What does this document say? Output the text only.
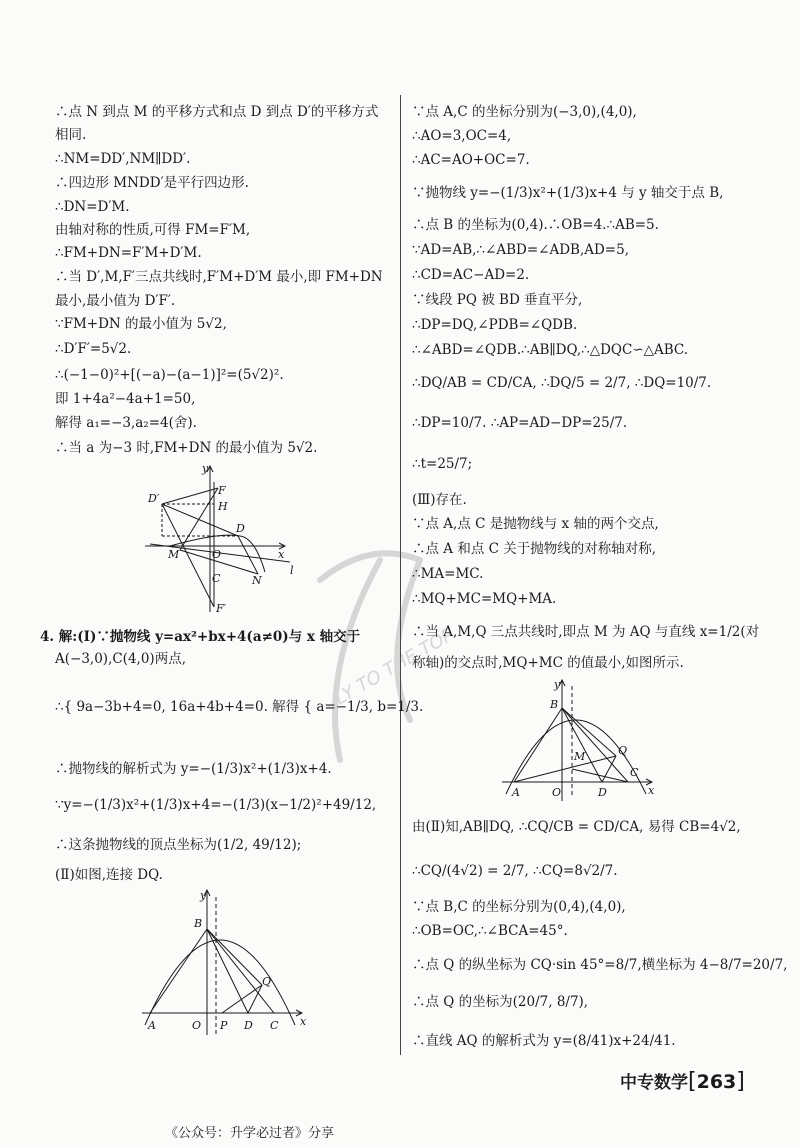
∴点 N 到点 M 的平移方式和点 D 到点 D′的平移方式
相同.
∴NM=DD′,NM∥DD′.
∴四边形 MNDD′是平行四边形.
∴DN=D′M.
由轴对称的性质,可得 FM=F′M,
∴FM+DN=F′M+D′M.
∴当 D′,M,F′三点共线时,F′M+D′M 最小,即 FM+DN
最小,最小值为 D′F′.
∵FM+DN 的最小值为 5√2,
∴D′F′=5√2.
∴(−1−0)²+[(−a)−(a−1)]²=(5√2)².
即 1+4a²−4a+1=50,
解得 a₁=−3,a₂=4(舍).
∴当 a 为−3 时,FM+DN 的最小值为 5√2.
y
F
H
D′
D
M	O	x
C	N
l
F′
4. 解:(Ⅰ)∵抛物线 y=ax²+bx+4(a≠0)与 x 轴交于
A(−3,0),C(4,0)两点,
∴{ 9a−3b+4=0, 16a+4b+4=0. 解得 { a=−1/3, b=1/3.
∴抛物线的解析式为 y=−(1/3)x²+(1/3)x+4.
∵y=−(1/3)x²+(1/3)x+4=−(1/3)(x−1/2)²+49/12,
∴这条抛物线的顶点坐标为(1/2, 49/12);
(Ⅱ)如图,连接 DQ.
y
B
Q
A	O P D C x
∵点 A,C 的坐标分别为(−3,0),(4,0),
∴AO=3,OC=4,
∴AC=AO+OC=7.
∵抛物线 y=−(1/3)x²+(1/3)x+4 与 y 轴交于点 B,
∴点 B 的坐标为(0,4).∴OB=4.∴AB=5.
∵AD=AB,∴∠ABD=∠ADB,AD=5,
∴CD=AC−AD=2.
∵线段 PQ 被 BD 垂直平分,
∴DP=DQ,∠PDB=∠QDB.
∴∠ABD=∠QDB.∴AB∥DQ,∴△DQC∽△ABC.
∴DQ/AB = CD/CA, ∴DQ/5 = 2/7, ∴DQ=10/7.
∴DP=10/7. ∴AP=AD−DP=25/7.
∴t=25/7;
(Ⅲ)存在.
∵点 A,点 C 是抛物线与 x 轴的两个交点,
∴点 A 和点 C 关于抛物线的对称轴对称,
∴MA=MC.
∴MQ+MC=MQ+MA.
∴当 A,M,Q 三点共线时,即点 M 为 AQ 与直线 x=1/2(对
称轴)的交点时,MQ+MC 的值最小,如图所示.
由(Ⅱ)知,AB∥DQ, ∴CQ/CB = CD/CA, 易得 CB=4√2,
∴CQ/(4√2) = 2/7, ∴CQ=8√2/7.
∵点 B,C 的坐标分别为(0,4),(4,0),
∴OB=OC,∴∠BCA=45°.
∴点 Q 的纵坐标为 CQ·sin 45°=8/7,横坐标为 4−8/7=20/7,
∴点 Q 的坐标为(20/7, 8/7),
∴直线 AQ 的解析式为 y=(8/41)x+24/41.
y
B
Q
M
A	O	D
C
x
LY TO THE TOP
中专数学[263]
《公众号：升学必过者》分享
